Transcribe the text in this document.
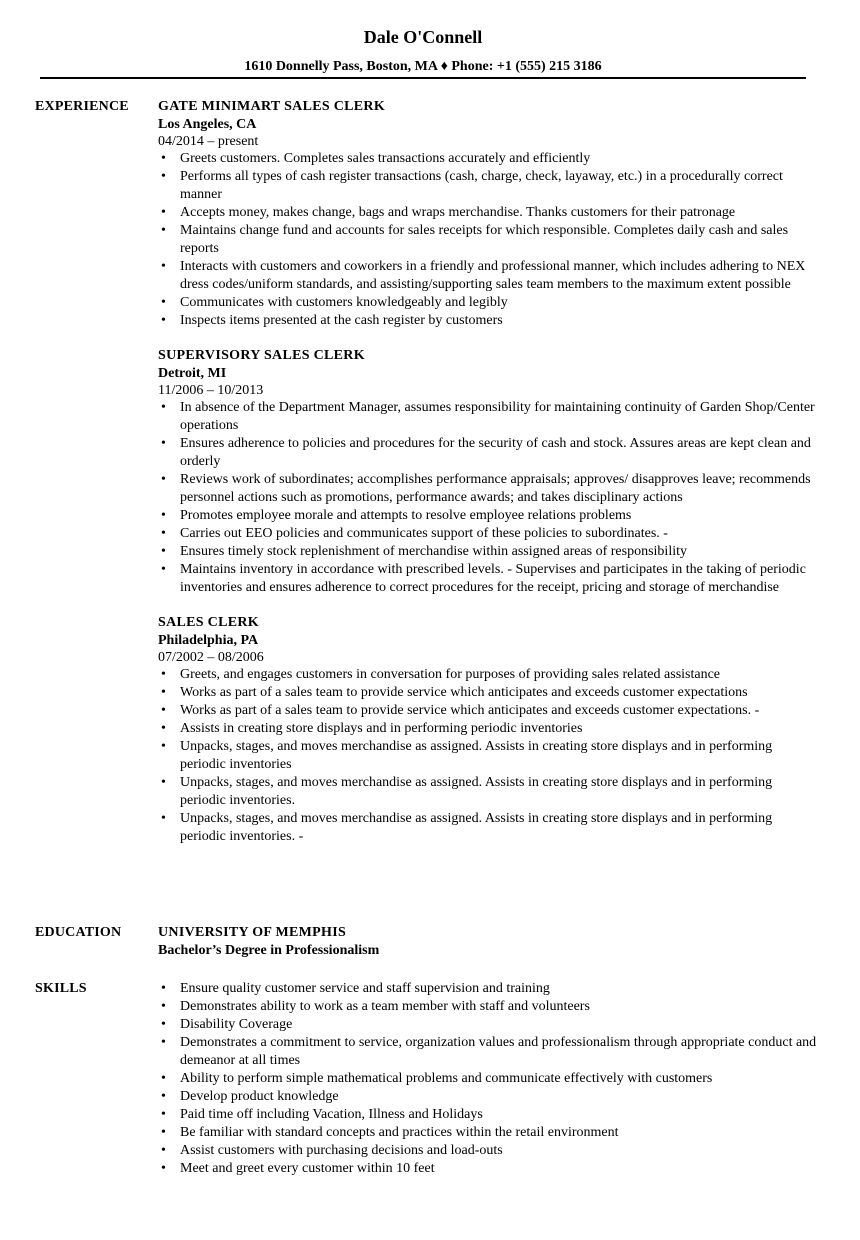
Dale O'Connell
1610 Donnelly Pass, Boston, MA ♦ Phone: +1 (555) 215 3186
EXPERIENCE GATE MINIMART SALES CLERK
Los Angeles, CA
04/2014 – present
• Greets customers. Completes sales transactions accurately and efficiently
• Performs all types of cash register transactions (cash, charge, check, layaway, etc.) in a procedurally correct manner
• Accepts money, makes change, bags and wraps merchandise. Thanks customers for their patronage
• Maintains change fund and accounts for sales receipts for which responsible. Completes daily cash and sales reports
• Interacts with customers and coworkers in a friendly and professional manner, which includes adhering to NEX dress codes/uniform standards, and assisting/supporting sales team members to the maximum extent possible
• Communicates with customers knowledgeably and legibly
• Inspects items presented at the cash register by customers
SUPERVISORY SALES CLERK
Detroit, MI
11/2006 – 10/2013
• In absence of the Department Manager, assumes responsibility for maintaining continuity of Garden Shop/Center operations
• Ensures adherence to policies and procedures for the security of cash and stock. Assures areas are kept clean and orderly
• Reviews work of subordinates; accomplishes performance appraisals; approves/ disapproves leave; recommends personnel actions such as promotions, performance awards; and takes disciplinary actions
• Promotes employee morale and attempts to resolve employee relations problems
• Carries out EEO policies and communicates support of these policies to subordinates. -
• Ensures timely stock replenishment of merchandise within assigned areas of responsibility
• Maintains inventory in accordance with prescribed levels. - Supervises and participates in the taking of periodic inventories and ensures adherence to correct procedures for the receipt, pricing and storage of merchandise
SALES CLERK
Philadelphia, PA
07/2002 – 08/2006
• Greets, and engages customers in conversation for purposes of providing sales related assistance
• Works as part of a sales team to provide service which anticipates and exceeds customer expectations
• Works as part of a sales team to provide service which anticipates and exceeds customer expectations. -
• Assists in creating store displays and in performing periodic inventories
• Unpacks, stages, and moves merchandise as assigned. Assists in creating store displays and in performing periodic inventories
• Unpacks, stages, and moves merchandise as assigned. Assists in creating store displays and in performing periodic inventories.
• Unpacks, stages, and moves merchandise as assigned. Assists in creating store displays and in performing periodic inventories. -
EDUCATION	UNIVERSITY OF MEMPHIS
Bachelor’s Degree in Professionalism
SKILLS
•	Ensure quality customer service and staff supervision and training
• Demonstrates ability to work as a team member with staff and volunteers
• Disability Coverage
• Demonstrates a commitment to service, organization values and professionalism through appropriate conduct and demeanor at all times
• Ability to perform simple mathematical problems and communicate effectively with customers
• Develop product knowledge
• Paid time off including Vacation, Illness and Holidays
• Be familiar with standard concepts and practices within the retail environment
• Assist customers with purchasing decisions and load-outs
• Meet and greet every customer within 10 feet
